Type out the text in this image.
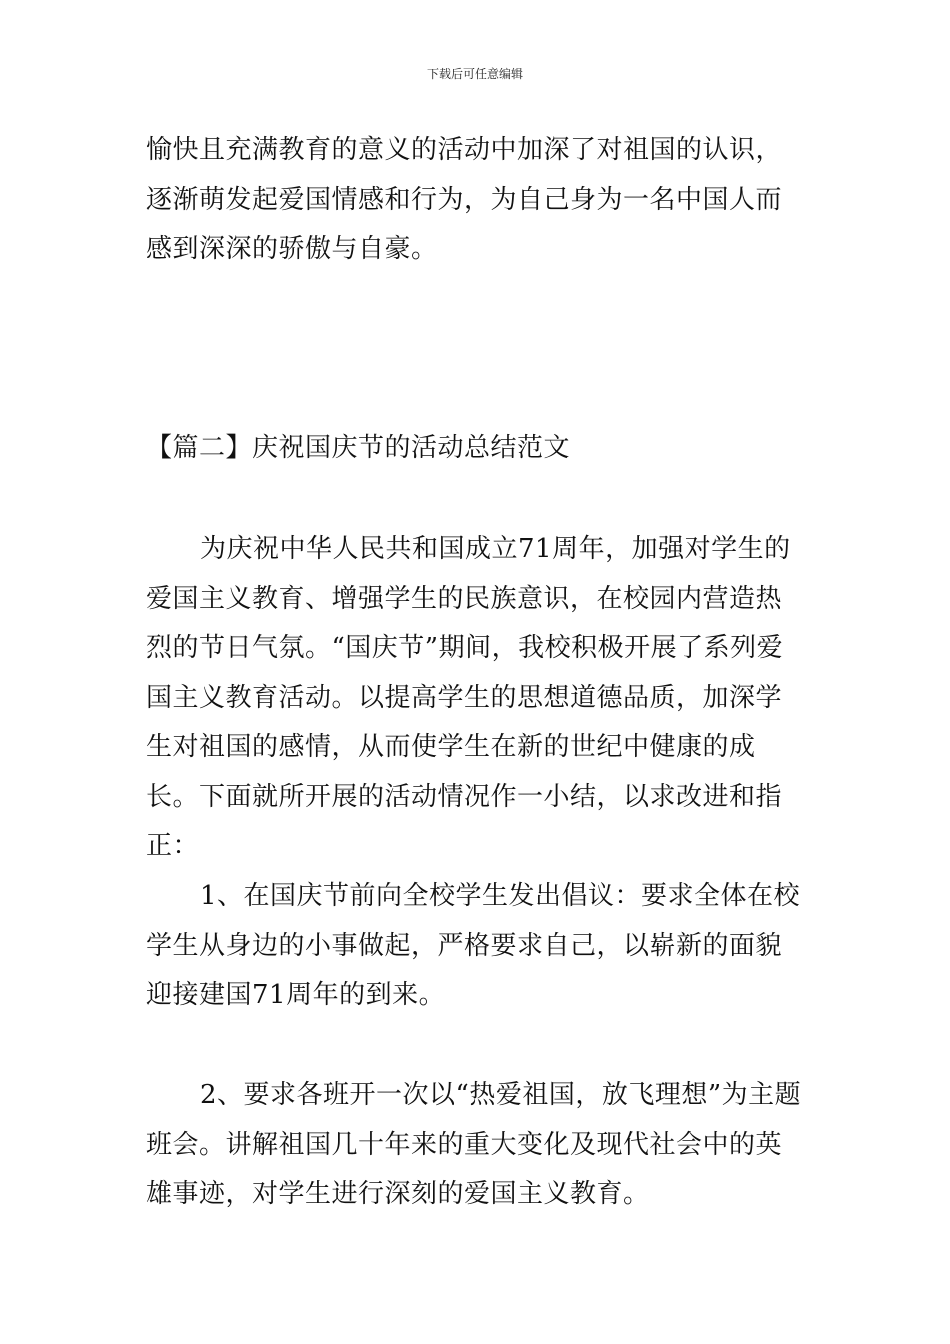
下载后可任意编辑

愉快且充满教育的意义的活动中加深了对祖国的认识，逐渐萌发起爱国情感和行为，为自己身为一名中国人而感到深深的骄傲与自豪。

【篇二】庆祝国庆节的活动总结范文

为庆祝中华人民共和国成立71周年，加强对学生的爱国主义教育、增强学生的民族意识，在校园内营造热烈的节日气氛。“国庆节”期间，我校积极开展了系列爱国主义教育活动。以提高学生的思想道德品质，加深学生对祖国的感情，从而使学生在新的世纪中健康的成长。下面就所开展的活动情况作一小结，以求改进和指正：

1、在国庆节前向全校学生发出倡议：要求全体在校学生从身边的小事做起，严格要求自己，以崭新的面貌迎接建国71周年的到来。

2、要求各班开一次以“热爱祖国，放飞理想”为主题班会。讲解祖国几十年来的重大变化及现代社会中的英雄事迹，对学生进行深刻的爱国主义教育。
